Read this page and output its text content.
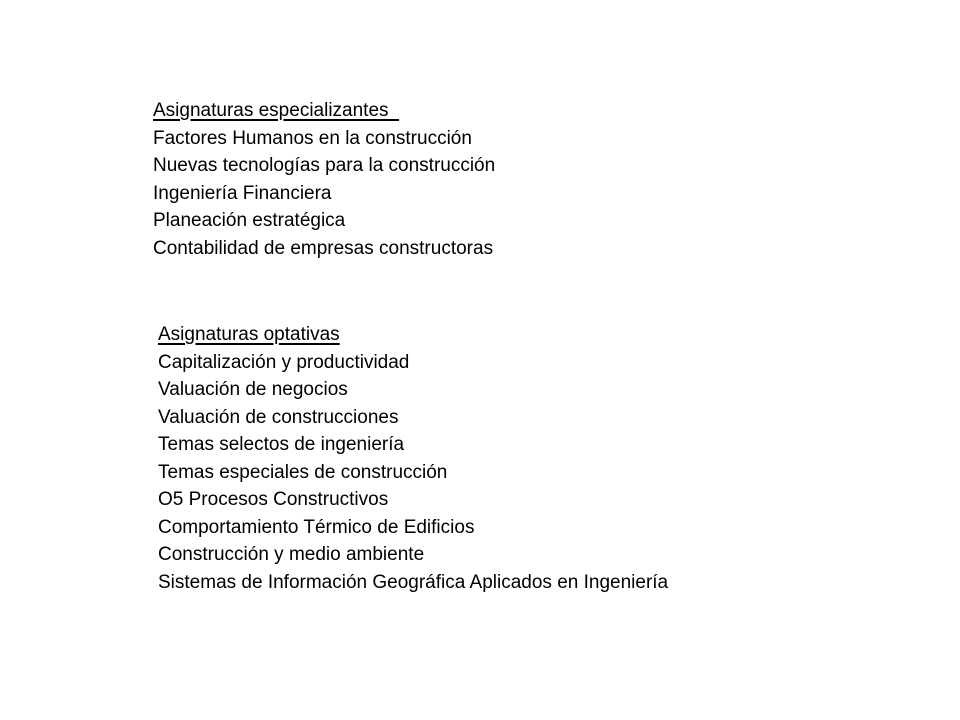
Asignaturas especializantes
Factores Humanos en la construcción
Nuevas tecnologías para la construcción
Ingeniería Financiera
Planeación estratégica
Contabilidad de empresas constructoras
Asignaturas optativas
Capitalización y productividad
Valuación de negocios
Valuación de construcciones
Temas selectos de ingeniería
Temas especiales de construcción
O5 Procesos Constructivos
Comportamiento Térmico de Edificios
Construcción y medio ambiente
Sistemas de Información Geográfica Aplicados en Ingeniería
